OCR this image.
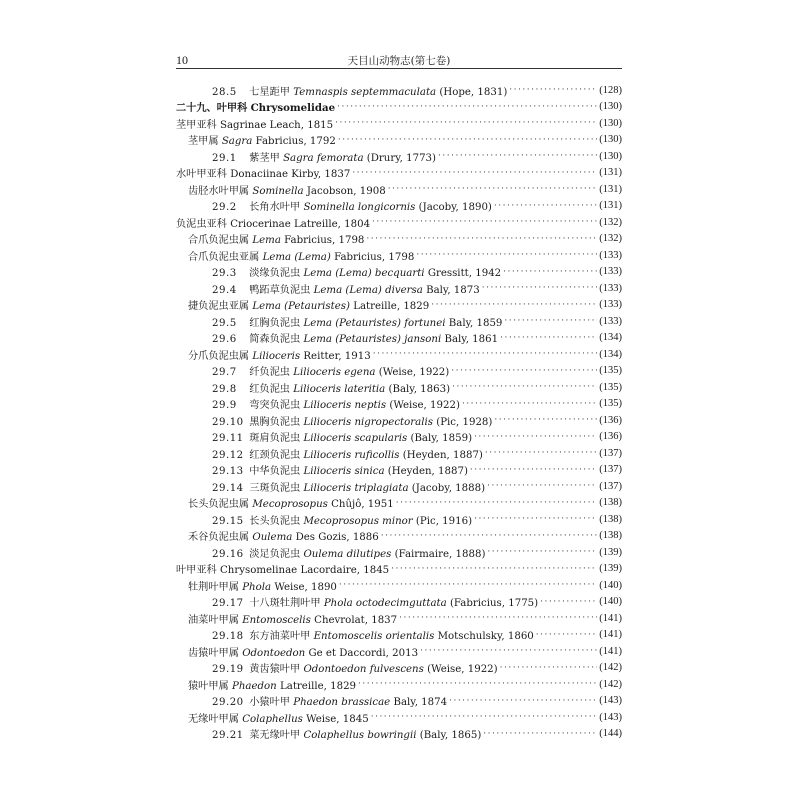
10	天目山动物志(第七卷)
28.5 七星距甲 Temnaspis septemmaculata (Hope, 1831) ·····	(128)
二十九、叶甲科 Chrysomelidae ·····	(130)
茎甲亚科 Sagrinae Leach, 1815 ·····	(130)
茎甲属 Sagra Fabricius, 1792 ·····	(130)
29.1 紫茎甲 Sagra femorata (Drury, 1773) ·····	(130)
水叶甲亚科 Donaciinae Kirby, 1837 ·····	(131)
齿胫水叶甲属 Sominella Jacobson, 1908 ·····	(131)
29.2 长角水叶甲 Sominella longicornis (Jacoby, 1890) ·····	(131)
负泥虫亚科 Criocerinae Latreille, 1804 ·····	(132)
合爪负泥虫属 Lema Fabricius, 1798 ·····	(132)
合爪负泥虫亚属 Lema (Lema) Fabricius, 1798 ·····	(133)
29.3 淡缘负泥虫 Lema (Lema) becquarti Gressitt, 1942 ·····	(133)
29.4 鸭跖草负泥虫 Lema (Lema) diversa Baly, 1873 ·····	(133)
捷负泥虫亚属 Lema (Petauristes) Latreille, 1829 ·····	(133)
29.5 红胸负泥虫 Lema (Petauristes) fortunei Baly, 1859 ·····	(133)
29.6 简森负泥虫 Lema (Petauristes) jansoni Baly, 1861 ·····	(134)
分爪负泥虫属 Lilioceris Reitter, 1913 ·····	(134)
29.7 纤负泥虫 Lilioceris egena (Weise, 1922) ·····	(135)
29.8 红负泥虫 Lilioceris lateritia (Baly, 1863) ·····	(135)
29.9 弯突负泥虫 Lilioceris neptis (Weise, 1922) ·····	(135)
29.10 黑胸负泥虫 Lilioceris nigropectoralis (Pic, 1928) ·····	(136)
29.11 斑肩负泥虫 Lilioceris scapularis (Baly, 1859) ·····	(136)
29.12 红颈负泥虫 Lilioceris ruficollis (Heyden, 1887) ·····	(137)
29.13 中华负泥虫 Lilioceris sinica (Heyden, 1887) ·····	(137)
29.14 三斑负泥虫 Lilioceris triplagiata (Jacoby, 1888) ·····	(137)
长头负泥虫属 Mecoprosopus Chûjô, 1951 ·····	(138)
29.15 长头负泥虫 Mecoprosopus minor (Pic, 1916) ·····	(138)
禾谷负泥虫属 Oulema Des Gozis, 1886 ·····	(138)
29.16 淡足负泥虫 Oulema dilutipes (Fairmaire, 1888) ·····	(139)
叶甲亚科 Chrysomelinae Lacordaire, 1845 ·····	(139)
牡荆叶甲属 Phola Weise, 1890 ·····	(140)
29.17 十八斑牡荆叶甲 Phola octodecimguttata (Fabricius, 1775) ·····	(140)
油菜叶甲属 Entomoscelis Chevrolat, 1837 ·····	(141)
29.18 东方油菜叶甲 Entomoscelis orientalis Motschulsky, 1860 ·····	(141)
齿猿叶甲属 Odontoedon Ge et Daccordi, 2013 ·····	(141)
29.19 黄齿猿叶甲 Odontoedon fulvescens (Weise, 1922) ·····	(142)
猿叶甲属 Phaedon Latreille, 1829 ·····	(142)
29.20 小猿叶甲 Phaedon brassicae Baly, 1874 ·····	(143)
无缘叶甲属 Colaphellus Weise, 1845 ·····	(143)
29.21 菜无缘叶甲 Colaphellus bowringii (Baly, 1865) ·····	(144)
